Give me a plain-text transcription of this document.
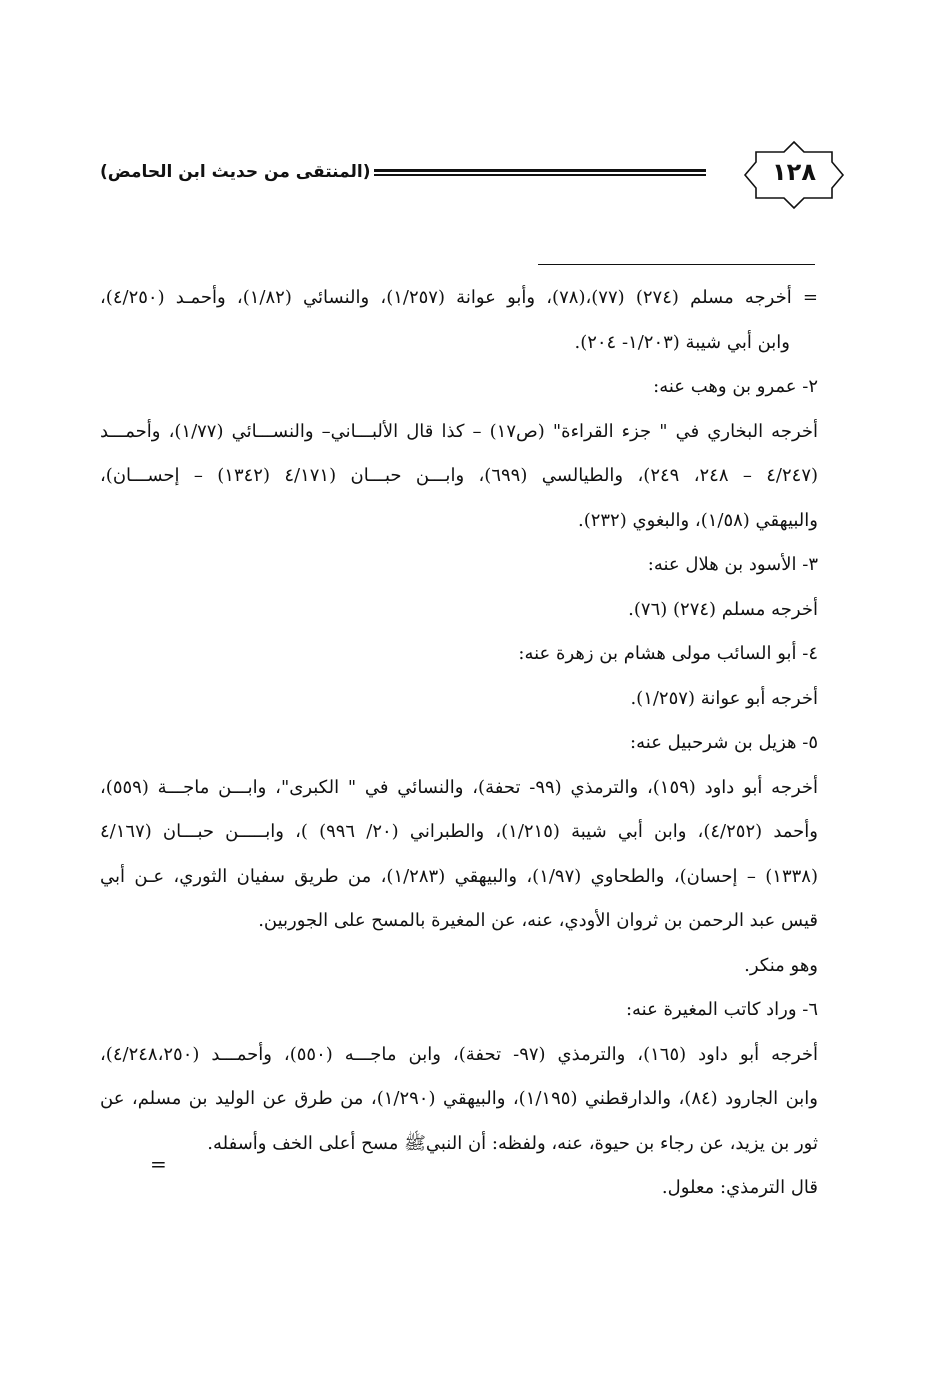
(المنتقى من حديث ابن الحامض)	١٢٨
= أخرجه مسلم (٢٧٤) (٧٧)،(٧٨)، وأبو عوانة (١/٢٥٧)، والنسائي (١/٨٢)، وأحمـد (٤/٢٥٠)،
وابن أبي شيبة (١/٢٠٣- ٢٠٤).
٢- عمرو بن وهب عنه:
أخرجه البخاري في " جزء القراءة" (ص١٧) – كذا قال الألبـــاني– والنســـائي (١/٧٧)، وأحمـــد
(٤/٢٤٧ – ٢٤٨، ٢٤٩)، والطيالسي (٦٩٩)، وابـــن حبـــان (٤/١٧١ (١٣٤٢) – إحســـان)،
والبيهقي (١/٥٨)، والبغوي (٢٣٢).
٣- الأسود بن هلال عنه:
أخرجه مسلم (٢٧٤) (٧٦).
٤- أبو السائب مولى هشام بن زهرة عنه:
أخرجه أبو عوانة (١/٢٥٧).
٥- هزيل بن شرحبيل عنه:
أخرجه أبو داود (١٥٩)، والترمذي (٩٩- تحفة)، والنسائي في " الكبرى"، وابـــن ماجـــة (٥٥٩)،
وأحمد (٤/٢٥٢)، وابن أبي شيبة (١/٢١٥)، والطبراني (٢٠/ ٩٩٦) )، وابـــــن حبـــان (٤/١٦٧
(١٣٣٨) – إحسان)، والطحاوي (١/٩٧)، والبيهقي (١/٢٨٣)، من طريق سفيان الثوري، عـن أبي
قيس عبد الرحمن بن ثروان الأودي، عنه، عن المغيرة بالمسح على الجوربين.
وهو منكر.
٦- وراد كاتب المغيرة عنه:
أخرجه أبو داود (١٦٥)، والترمذي (٩٧- تحفة)، وابن ماجـــه (٥٥٠)، وأحمـــد (٤/٢٤٨،٢٥٠)،
وابن الجارود (٨٤)، والدارقطني (١/١٩٥)، والبيهقي (١/٢٩٠)، من طرق عن الوليد بن مسلم، عن
ثور بن يزيد، عن رجاء بن حيوة، عنه، ولفظه: أن النبيﷺ مسح أعلى الخف وأسفله.
قال الترمذي: معلول.
=
